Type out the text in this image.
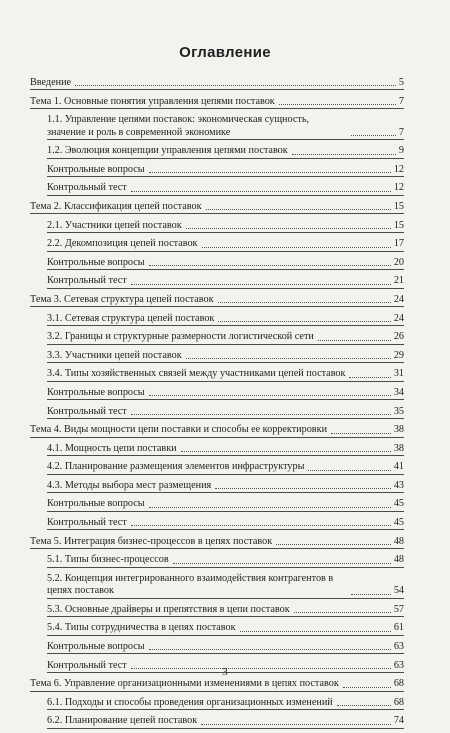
Оглавление
Введение	5
Тема 1. Основные понятия управления цепями поставок	7
1.1. Управление цепями поставок: экономическая сущность, значение и роль в современной экономике	7
1.2. Эволюция концепции управления цепями поставок	9
Контрольные вопросы	12
Контрольный тест	12
Тема 2. Классификация цепей поставок	15
2.1. Участники цепей поставок	15
2.2. Декомпозиция цепей поставок	17
Контрольные вопросы	20
Контрольный тест	21
Тема 3. Сетевая структура цепей поставок	24
3.1. Сетевая структура цепей поставок	24
3.2. Границы и структурные размерности логистической сети	26
3.3. Участники цепей поставок	29
3.4. Типы хозяйственных связей между участниками цепей поставок	31
Контрольные вопросы	34
Контрольный тест	35
Тема 4. Виды мощности цепи поставки и способы ее корректировки	38
4.1. Мощность цепи поставки	38
4.2. Планирование размещения элементов инфраструктуры	41
4.3. Методы выбора мест размещения	43
Контрольные вопросы	45
Контрольный тест	45
Тема 5. Интеграция бизнес-процессов в цепях поставок	48
5.1. Типы бизнес-процессов	48
5.2. Концепция интегрированного взаимодействия контрагентов в цепях поставок	54
5.3. Основные драйверы и препятствия в цепи поставок	57
5.4. Типы сотрудничества в цепях поставок	61
Контрольные вопросы	63
Контрольный тест	63
Тема 6. Управление организационными изменениями в цепях поставок	68
6.1. Подходы и способы проведения организационных изменений	68
6.2. Планирование цепей поставок	74
3
